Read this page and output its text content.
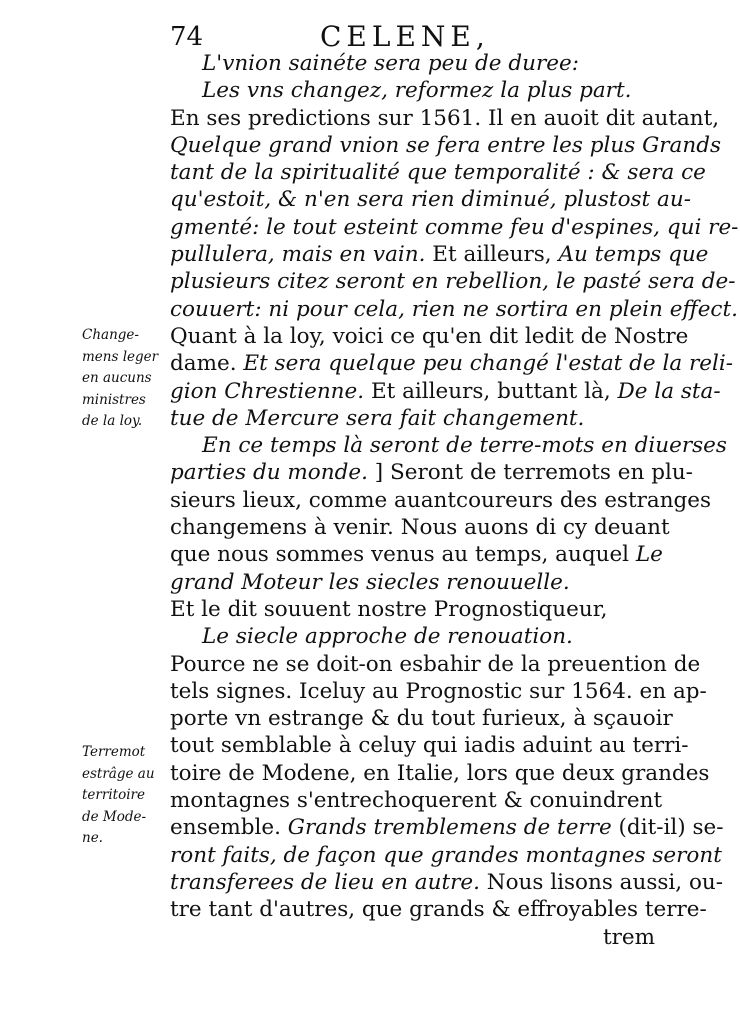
74	CELENE,
L'vnion sainéte sera peu de duree:
Les vns changez, reformez la plus part.
En ses predictions sur 1561. Il en auoit dit autant,
Quelque grand vnion se fera entre les plus Grands
tant de la spiritualité que temporalité : & sera ce
qu'estoit, & n'en sera rien diminué, plustost au-
gmenté: le tout esteint comme feu d'espines, qui re-
pullulera, mais en vain. Et ailleurs, Au temps que
plusieurs citez seront en rebellion, le pasté sera de-
couuert: ni pour cela, rien ne sortira en plein effect.
Quant à la loy, voici ce qu'en dit ledit de Nostre
dame. Et sera quelque peu changé l'estat de la reli-
gion Chrestienne. Et ailleurs, buttant là, De la sta-
tue de Mercure sera fait changement.
En ce temps là seront de terre-mots en diuerses
parties du monde. ] Seront de terremots en plu-
sieurs lieux, comme auantcoureurs des estranges
changemens à venir. Nous auons di cy deuant
que nous sommes venus au temps, auquel Le
grand Moteur les siecles renouuelle.
Et le dit souuent nostre Prognostiqueur,
Le siecle approche de renouation.
Pource ne se doit-on esbahir de la preuention de
tels signes. Iceluy au Prognostic sur 1564. en ap-
porte vn estrange & du tout furieux, à sçauoir
tout semblable à celuy qui iadis aduint au terri-
toire de Modene, en Italie, lors que deux grandes
montagnes s'entrechoquerent & conuindrent
ensemble. Grands tremblemens de terre (dit-il) se-
ront faits, de façon que grandes montagnes seront
transferees de lieu en autre. Nous lisons aussi, ou-
tre tant d'autres, que grands & effroyables terre-
trem
Change-
mens leger
en aucuns
ministres
de la loy.
Terremot
estrâge au
territoire
de Mode-
ne.
